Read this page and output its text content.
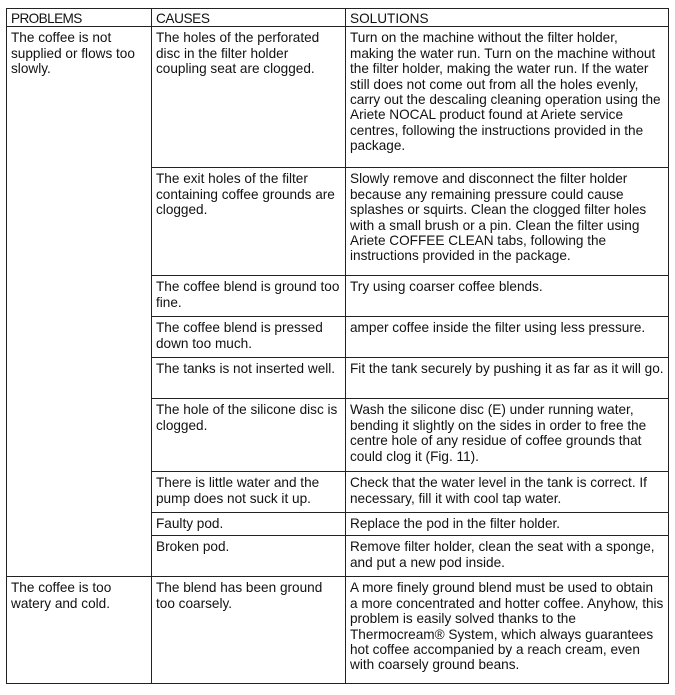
PROBLEMS	CAUSES	SOLUTIONS
The coffee is not supplied or flows too slowly.	The holes of the perforated disc in the filter holder coupling seat are clogged.	Turn on the machine without the filter holder, making the water run. Turn on the machine without the filter holder, making the water run. If the water still does not come out from all the holes evenly, carry out the descaling cleaning operation using the Ariete NOCAL product found at Ariete service centres, following the instructions provided in the package.
	The exit holes of the filter containing coffee grounds are clogged.	Slowly remove and disconnect the filter holder because any remaining pressure could cause splashes or squirts. Clean the clogged filter holes with a small brush or a pin. Clean the filter using Ariete COFFEE CLEAN tabs, following the instructions provided in the package.
	The coffee blend is ground too fine.	Try using coarser coffee blends.
	The coffee blend is pressed down too much.	amper coffee inside the filter using less pressure.
	The tanks is not inserted well.	Fit the tank securely by pushing it as far as it will go.
	The hole of the silicone disc is clogged.	Wash the silicone disc (E) under running water, bending it slightly on the sides in order to free the centre hole of any residue of coffee grounds that could clog it (Fig. 11).
	There is little water and the pump does not suck it up.	Check that the water level in the tank is correct. If necessary, fill it with cool tap water.
	Faulty pod.	Replace the pod in the filter holder.
	Broken pod.	Remove filter holder, clean the seat with a sponge, and put a new pod inside.
The coffee is too watery and cold.	The blend has been ground too coarsely.	A more finely ground blend must be used to obtain a more concentrated and hotter coffee. Anyhow, this problem is easily solved thanks to the Thermocream® System, which always guarantees hot coffee accompanied by a reach cream, even with coarsely ground beans.
